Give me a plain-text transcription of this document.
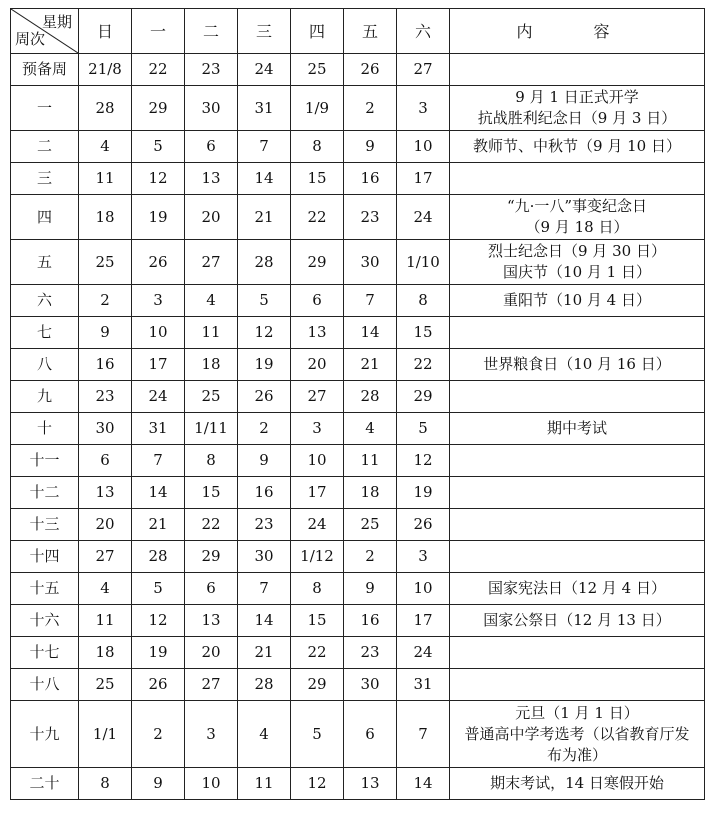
星期
周次	日	一	二	三	四	五	六	内 容
预备周	21/8	22	23	24	25	26	27	
一	28	29	30	31	1/9	2	3	9 月 1 日正式开学
抗战胜利纪念日（9 月 3 日）

二	4	5	6	7	8	9	10	教师节、中秋节（9 月 10 日）

三	11	12	13	14	15	16	17	
四	18	19	20	21	22	23	24	“九·一八”事变纪念日
（9 月 18 日）

五	25	26	27	28	29	30	1/10	烈士纪念日（9 月 30 日）
国庆节（10 月 1 日）

六	2	3	4	5	6	7	8	重阳节（10 月 4 日）

七	9	10	11	12	13	14	15	
八	16	17	18	19	20	21	22	世界粮食日（10 月 16 日）

九	23	24	25	26	27	28	29	
十	30	31	1/11	2	3	4	5	期中考试

十一	6	7	8	9	10	11	12	
十二	13	14	15	16	17	18	19	
十三	20	21	22	23	24	25	26	
十四	27	28	29	30	1/12	2	3	
十五	4	5	6	7	8	9	10	国家宪法日（12 月 4 日）

十六	11	12	13	14	15	16	17	国家公祭日（12 月 13 日）

十七	18	19	20	21	22	23	24	
十八	25	26	27	28	29	30	31	
十九	1/1	2	3	4	5	6	7	元旦（1 月 1 日）
普通高中学考选考（以省教育厅发
布为准）

二十	8	9	10	11	12	13	14	期末考试，14 日寒假开始
